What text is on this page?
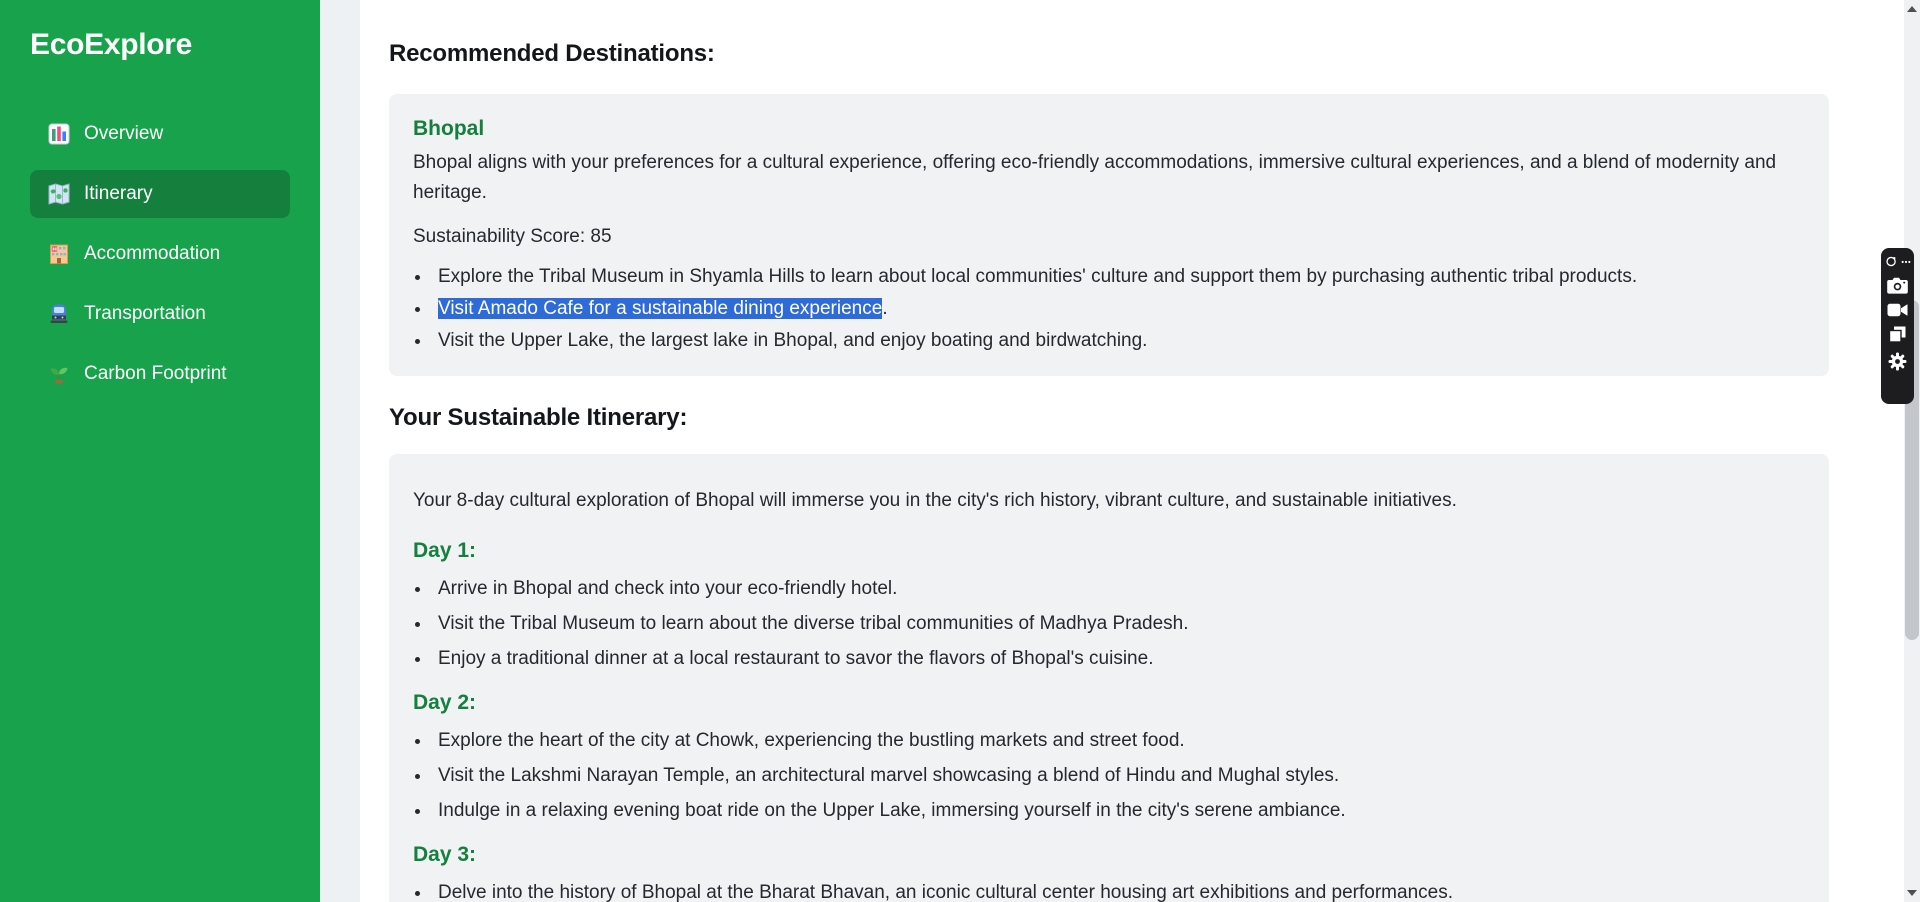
EcoExplore
Overview
Itinerary
Accommodation
Transportation
Carbon Footprint
Recommended Destinations:
Bhopal

Bhopal aligns with your preferences for a cultural experience, offering eco-friendly accommodations, immersive cultural experiences, and a blend of modernity and heritage.

Sustainability Score: 85

• Explore the Tribal Museum in Shyamla Hills to learn about local communities' culture and support them by purchasing authentic tribal products.
• Visit Amado Cafe for a sustainable dining experience.
• Visit the Upper Lake, the largest lake in Bhopal, and enjoy boating and birdwatching.
Your Sustainable Itinerary:

Your 8-day cultural exploration of Bhopal will immerse you in the city's rich history, vibrant culture, and sustainable initiatives.

Day 1:
• Arrive in Bhopal and check into your eco-friendly hotel.
• Visit the Tribal Museum to learn about the diverse tribal communities of Madhya Pradesh.
• Enjoy a traditional dinner at a local restaurant to savor the flavors of Bhopal's cuisine.
Day 2:
• Explore the heart of the city at Chowk, experiencing the bustling markets and street food.
• Visit the Lakshmi Narayan Temple, an architectural marvel showcasing a blend of Hindu and Mughal styles.
• Indulge in a relaxing evening boat ride on the Upper Lake, immersing yourself in the city's serene ambiance.
Day 3:
• Delve into the history of Bhopal at the Bharat Bhavan, an iconic cultural center housing art exhibitions and performances.
